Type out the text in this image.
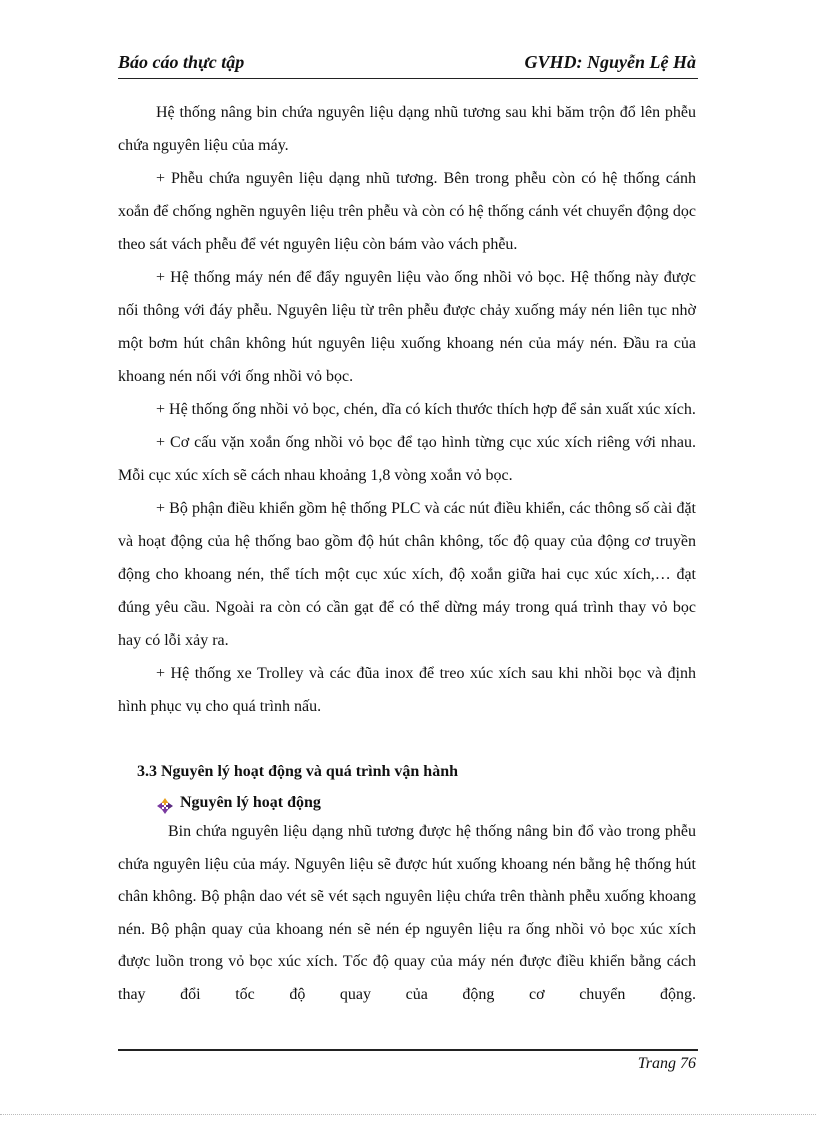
Báo cáo thực tập	GVHD: Nguyễn Lệ Hà

Hệ thống nâng bin chứa nguyên liệu dạng nhũ tương sau khi băm trộn đổ lên phễu chứa nguyên liệu của máy.

+ Phễu chứa nguyên liệu dạng nhũ tương. Bên trong phễu còn có hệ thống cánh xoắn để chống nghẽn nguyên liệu trên phễu và còn có hệ thống cánh vét chuyển động dọc theo sát vách phễu để vét nguyên liệu còn bám vào vách phễu.

+ Hệ thống máy nén để đẩy nguyên liệu vào ống nhồi vỏ bọc. Hệ thống này được nối thông với đáy phễu. Nguyên liệu từ trên phễu được chảy xuống máy nén liên tục nhờ một bơm hút chân không hút nguyên liệu xuống khoang nén của máy nén. Đầu ra của khoang nén nối với ống nhồi vỏ bọc.

+ Hệ thống ống nhồi vỏ bọc, chén, dĩa có kích thước thích hợp để sản xuất xúc xích.

+ Cơ cấu vặn xoắn ống nhồi vỏ bọc để tạo hình từng cục xúc xích riêng với nhau. Mỗi cục xúc xích sẽ cách nhau khoảng 1,8 vòng xoắn vỏ bọc.

+ Bộ phận điều khiển gồm hệ thống PLC và các nút điều khiển, các thông số cài đặt và hoạt động của hệ thống bao gồm độ hút chân không, tốc độ quay của động cơ truyền động cho khoang nén, thể tích một cục xúc xích, độ xoắn giữa hai cục xúc xích,… đạt đúng yêu cầu. Ngoài ra còn có cần gạt để có thể dừng máy trong quá trình thay vỏ bọc hay có lỗi xảy ra.

+ Hệ thống xe Trolley và các đũa inox để treo xúc xích sau khi nhồi bọc và định hình phục vụ cho quá trình nấu.

3.3 Nguyên lý hoạt động và quá trình vận hành
Nguyên lý hoạt động

Bin chứa nguyên liệu dạng nhũ tương được hệ thống nâng bin đổ vào trong phễu chứa nguyên liệu của máy. Nguyên liệu sẽ được hút xuống khoang nén bằng hệ thống hút chân không. Bộ phận dao vét sẽ vét sạch nguyên liệu chứa trên thành phễu xuống khoang nén. Bộ phận quay của khoang nén sẽ nén ép nguyên liệu ra ống nhồi vỏ bọc xúc xích được luồn trong vỏ bọc xúc xích. Tốc độ quay của máy nén được điều khiển bằng cách thay đổi tốc độ quay của động cơ chuyển động.

Trang 76
